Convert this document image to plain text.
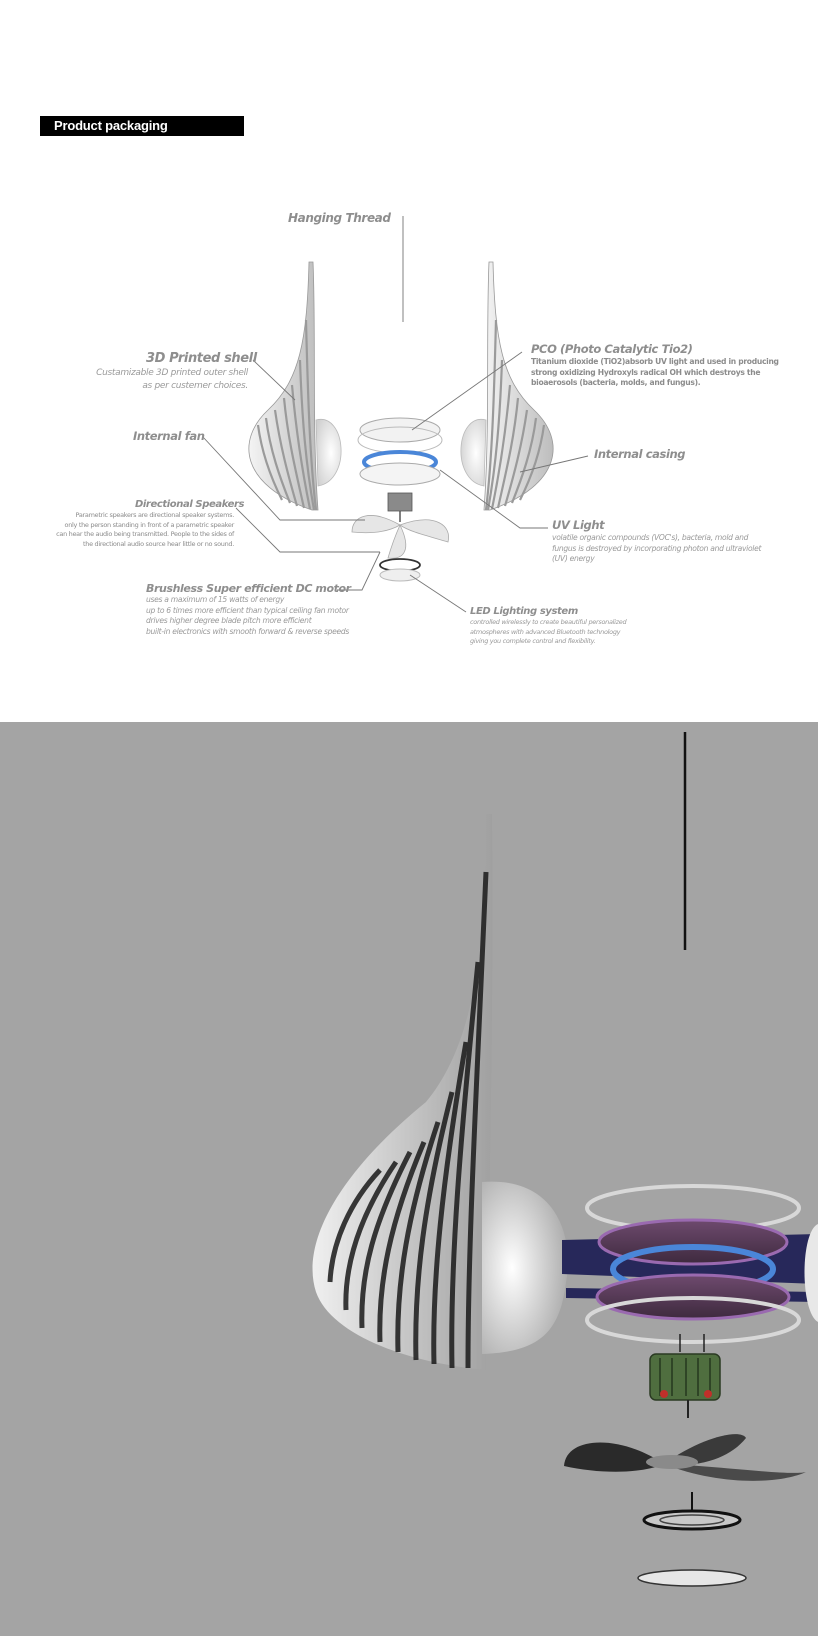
Product packaging
Hanging Thread
3D Printed shell
Custamizable 3D printed outer shell
as per custemer choices.
Internal fan
Directional Speakers
Parametric speakers are directional speaker systems.
only the person standing in front of a parametric speaker
can hear the audio being transmitted. People to the sides of
the directional audio source hear little or no sound.
Brushless Super efficient DC motor
uses a maximum of 15 watts of energy
up to 6 times more efficient than typical ceiling fan motor
drives higher degree blade pitch more efficient
built-in electronics with smooth forward & reverse speeds
PCO (Photo Catalytic Tio2)
Titanium dioxide (TiO2)absorb UV light and used in producing
strong oxidizing Hydroxyls radical OH which destroys the
bioaerosols (bacteria, molds, and fungus).
Internal casing
UV Light
volatile organic compounds (VOC's), bacteria, mold and
fungus is destroyed by incorporating photon and ultraviolet
(UV) energy
LED Lighting system
controlled wirelessly to create beautiful personalized
atmospheres with advanced Bluetooth technology
giving you complete control and flexibility.
